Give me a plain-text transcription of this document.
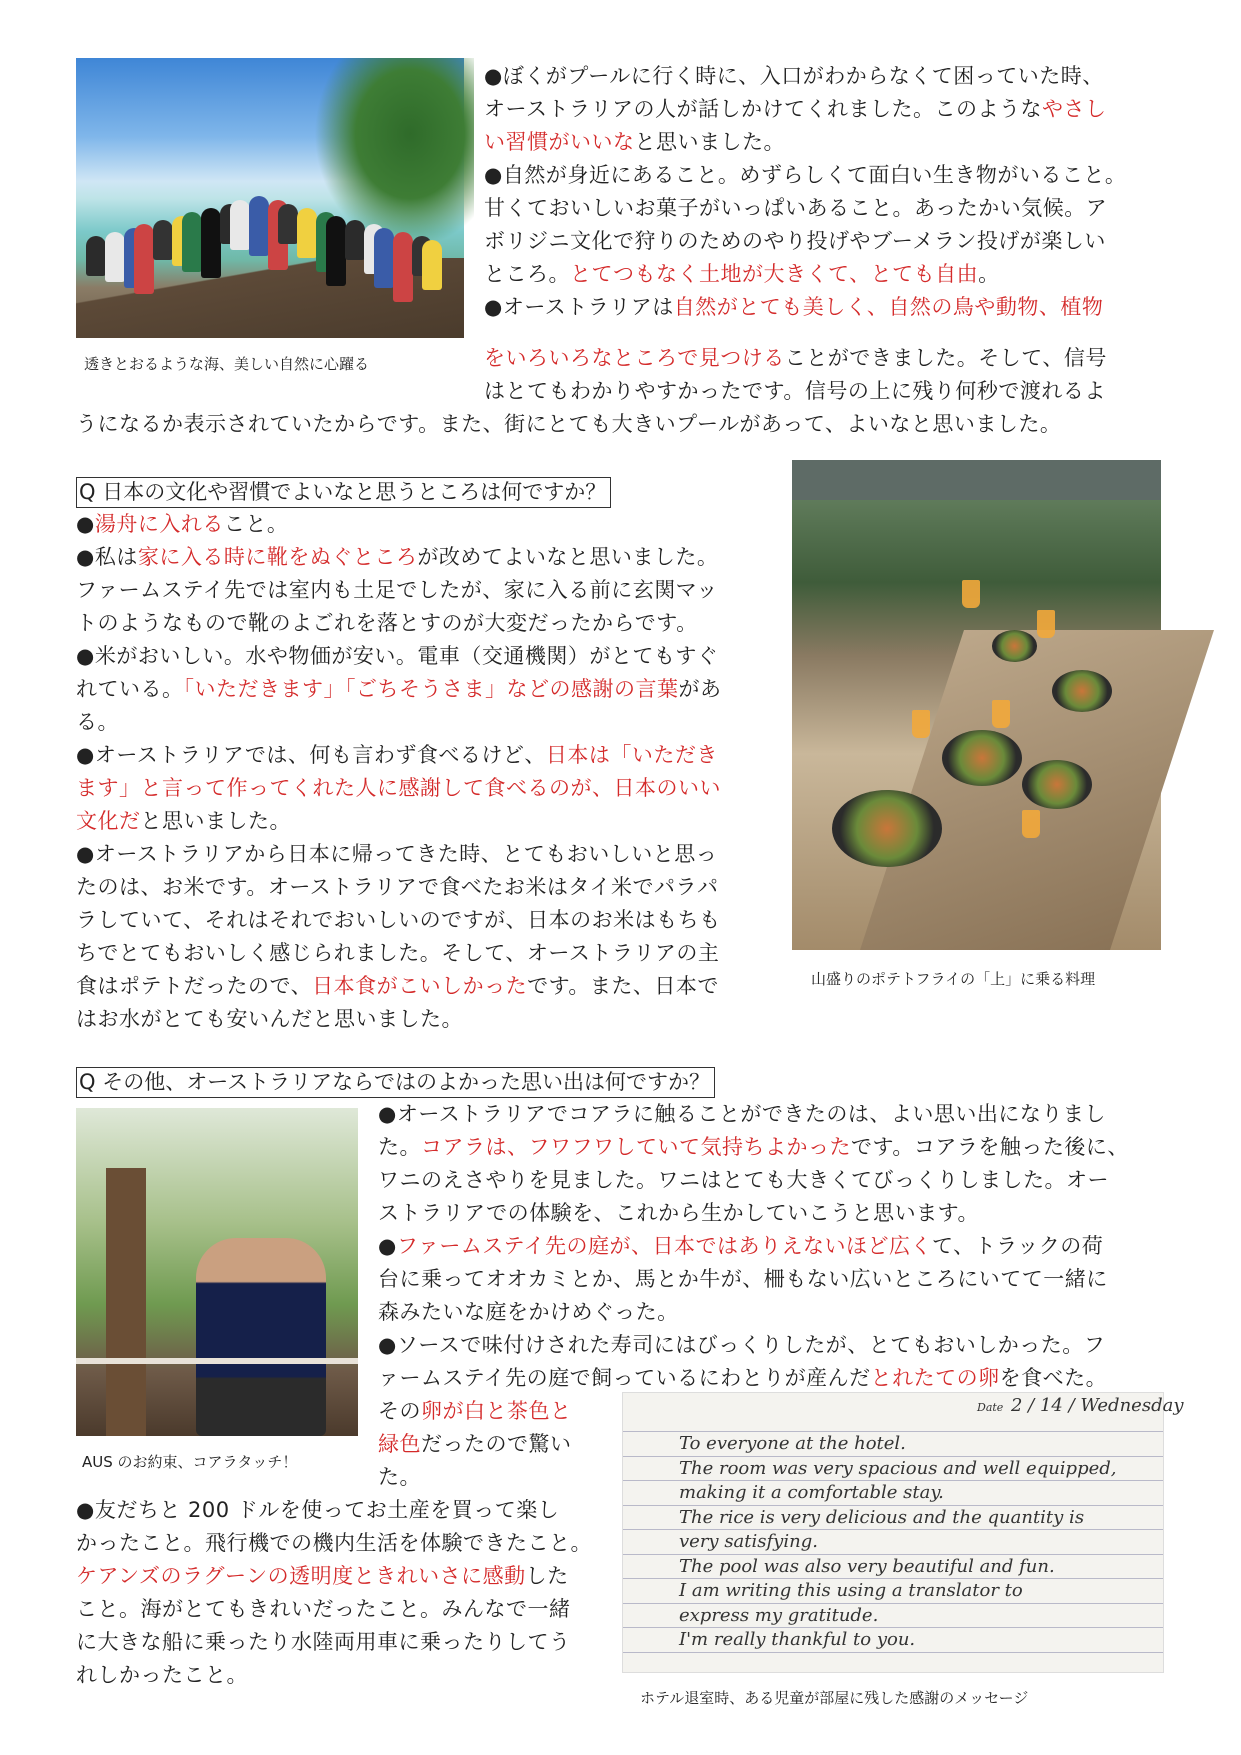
透きとおるような海、美しい自然に心躍る
●ぼくがプールに行く時に、入口がわからなくて困っていた時、
オーストラリアの人が話しかけてくれました。このようなやさし
い習慣がいいなと思いました。
●自然が身近にあること。めずらしくて面白い生き物がいること。
甘くておいしいお菓子がいっぱいあること。あったかい気候。ア
ボリジニ文化で狩りのためのやり投げやブーメラン投げが楽しい
ところ。とてつもなく土地が大きくて、とても自由。
●オーストラリアは自然がとても美しく、自然の鳥や動物、植物
をいろいろなところで見つけることができました。そして、信号
はとてもわかりやすかったです。信号の上に残り何秒で渡れるよ
うになるか表示されていたからです。また、街にとても大きいプールがあって、よいなと思いました。
Q 日本の文化や習慣でよいなと思うところは何ですか？
●湯舟に入れること。
●私は家に入る時に靴をぬぐところが改めてよいなと思いました。
ファームステイ先では室内も土足でしたが、家に入る前に玄関マッ
トのようなもので靴のよごれを落とすのが大変だったからです。
●米がおいしい。水や物価が安い。電車（交通機関）がとてもすぐ
れている。「いただきます」「ごちそうさま」などの感謝の言葉があ
る。
●オーストラリアでは、何も言わず食べるけど、日本は「いただき
ます」と言って作ってくれた人に感謝して食べるのが、日本のいい
文化だと思いました。
●オーストラリアから日本に帰ってきた時、とてもおいしいと思っ
たのは、お米です。オーストラリアで食べたお米はタイ米でパラパ
ラしていて、それはそれでおいしいのですが、日本のお米はもちも
ちでとてもおいしく感じられました。そして、オーストラリアの主
食はポテトだったので、日本食がこいしかったです。また、日本で
はお水がとても安いんだと思いました。
山盛りのポテトフライの「上」に乗る料理
Q その他、オーストラリアならではのよかった思い出は何ですか？
●オーストラリアでコアラに触ることができたのは、よい思い出になりまし
た。コアラは、フワフワしていて気持ちよかったです。コアラを触った後に、
ワニのえさやりを見ました。ワニはとても大きくてびっくりしました。オー
ストラリアでの体験を、これから生かしていこうと思います。
●ファームステイ先の庭が、日本ではありえないほど広くて、トラックの荷
台に乗ってオオカミとか、馬とか牛が、柵もない広いところにいてて一緒に
森みたいな庭をかけめぐった。
●ソースで味付けされた寿司にはびっくりしたが、とてもおいしかった。フ
ァームステイ先の庭で飼っているにわとりが産んだとれたての卵を食べた。
その卵が白と茶色と
緑色だったので驚い
た。
●友だちと 200 ドルを使ってお土産を買って楽し
かったこと。飛行機での機内生活を体験できたこと。
ケアンズのラグーンの透明度ときれいさに感動した
こと。海がとてもきれいだったこと。みんなで一緒
に大きな船に乗ったり水陸両用車に乗ったりしてう
れしかったこと。
AUS のお約束、コアラタッチ！
Date 2 / 14 / Wednesday
To everyone at the hotel.
The room was very spacious and well equipped,
making it a comfortable stay.
The rice is very delicious and the quantity is
very satisfying.
The pool was also very beautiful and fun.
I am writing this using a translator to
express my gratitude.
I'm really thankful to you.
ホテル退室時、ある児童が部屋に残した感謝のメッセージ
